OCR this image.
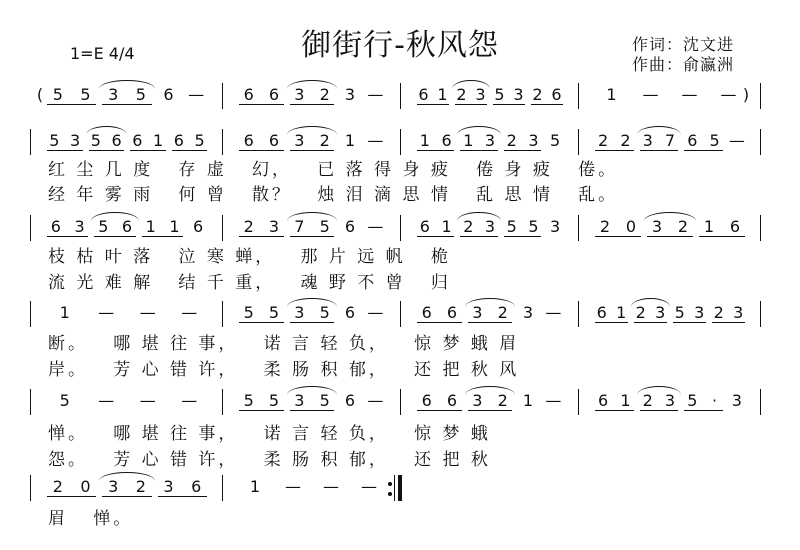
御街行-秋风怨
1=E 4/4	作词：沈文进
作曲：俞瀛洲
( 5 5 3 5 6 — 6 6 3 2 3 — 6 1 2 3 5 3 2 6	1 — — — )
5 3 5 6 6 1 6 5 6 6 3 2 1 — 1 6 1 3 2 3 5 2 2 3 7 6 5 —
红 尘 几 度   存 虚   幻，   已 落 得 身 疲   倦 身 疲   倦。
经 年 雾 雨   何 曾   散？   烛 泪 滴 思 情   乱 思 情   乱。
6 3 5 6 1 1 6	2 3 7 5 6 — 6 1 2 3 5 5 3 2 0 3 2 1 6
枝 枯 叶 落   泣 寒 蝉，   那 片 远 帆   桅
流 光 难 解   结 千 重，   魂 野 不 曾   归
1 — — —	5 5 3 5 6 — 6 6 3 2 3 — 6 1 2 3 5 3 2 3
断。   哪 堪 往 事，   诺 言 轻 负，   惊 梦 蛾 眉
岸。   芳 心 错 许，   柔 肠 积 郁，   还 把 秋 风
5 — — —	5 5 3 5 6 — 6 6 3 2 1 — 6 1 2 3 5 · 3
惮。   哪 堪 往 事，   诺 言 轻 负，   惊 梦 蛾
怨。   芳 心 错 许，   柔 肠 积 郁，   还 把 秋
2 0 3 2 3 6	1 — — —
眉   惮。
